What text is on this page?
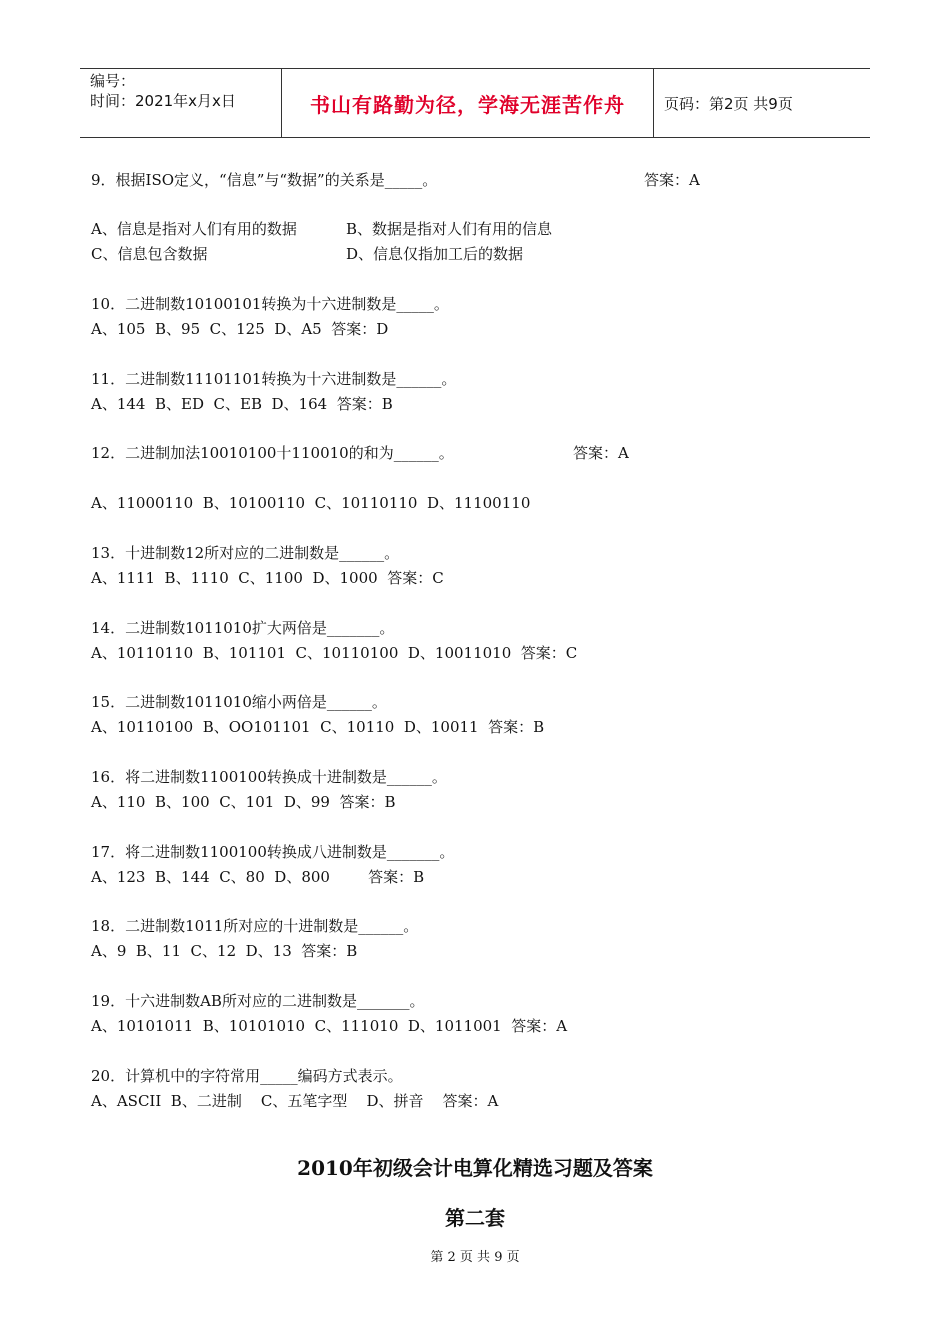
编号：
时间：2021年x月x日	书山有路勤为径，学海无涯苦作舟	页码：第2页 共9页
9．根据ISO定义，“信息”与“数据”的关系是_____。	答案：A
A、信息是指对人们有用的数据	B、数据是指对人们有用的信息
C、信息包含数据	D、信息仅指加工后的数据
10．二进制数10100101转换为十六进制数是_____。
A、105  B、95  C、125  D、A5  答案：D
11．二进制数11101101转换为十六进制数是______。
A、144  B、ED  C、EB  D、164  答案：B
12．二进制加法10010100十110010的和为______。	答案：A
A、11000110  B、10100110  C、10110110  D、11100110
13．十进制数12所对应的二进制数是______。
A、1111  B、1110  C、1100  D、1000  答案：C
14．二进制数1011010扩大两倍是_______。
A、10110110  B、101101  C、10110100  D、10011010  答案：C
15．二进制数1011010缩小两倍是______。
A、10110100  B、OO101101  C、10110  D、10011  答案：B
16．将二进制数1100100转换成十进制数是______。
A、110  B、100  C、101  D、99  答案：B
17．将二进制数1100100转换成八进制数是_______。
A、123  B、144  C、80  D、800        答案：B
18．二进制数1011所对应的十进制数是______。
A、9  B、11  C、12  D、13  答案：B
19．十六进制数AB所对应的二进制数是_______。
A、10101011  B、10101010  C、111010  D、1011001  答案：A
20．计算机中的字符常用_____编码方式表示。
A、ASCII  B、二进制    C、五笔字型    D、拼音    答案：A
2010年初级会计电算化精选习题及答案
第二套
第 2 页 共 9 页
